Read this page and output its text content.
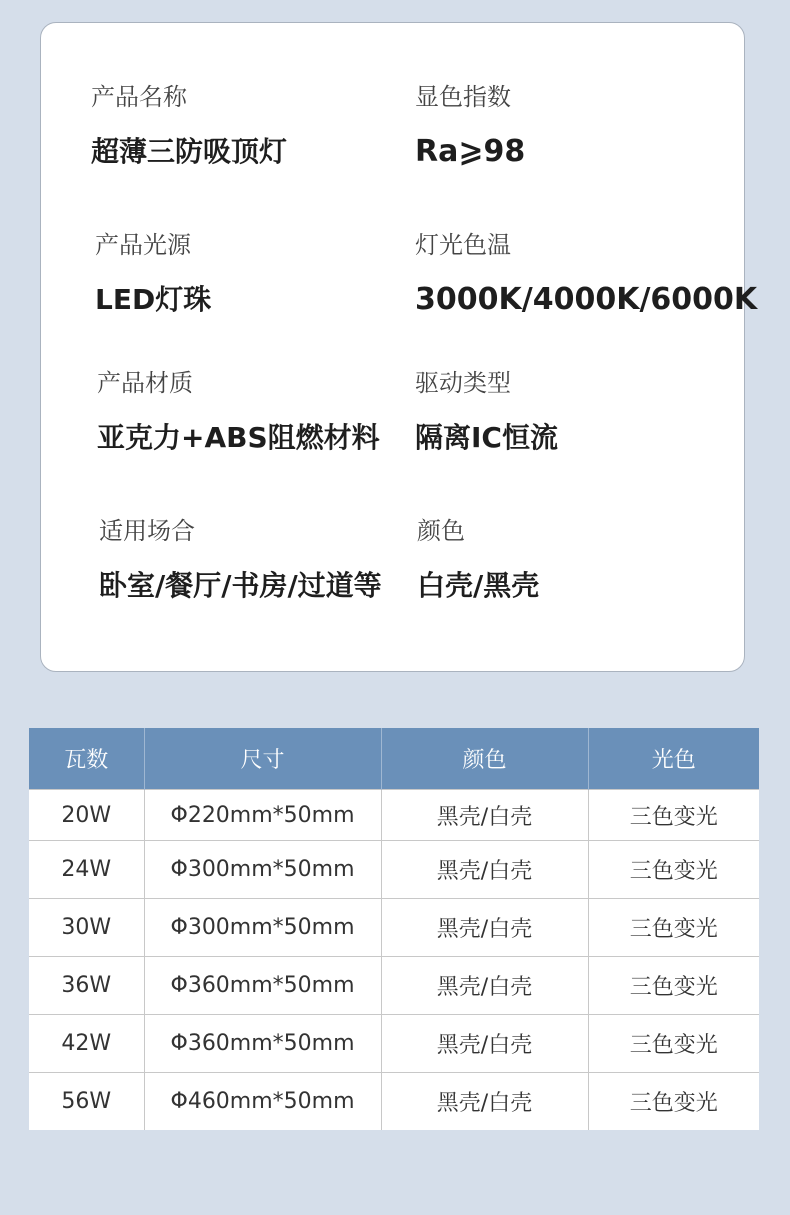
产品名称
超薄三防吸顶灯
显色指数
Ra⩾98
产品光源
LED灯珠
灯光色温
3000K/4000K/6000K
产品材质
亚克力+ABS阻燃材料
驱动类型
隔离IC恒流
适用场合
卧室/餐厅/书房/过道等
颜色
白壳/黑壳
瓦数	尺寸	颜色	光色
20W	Φ220mm*50mm	黑壳/白壳	三色变光
24W	Φ300mm*50mm	黑壳/白壳	三色变光
30W	Φ300mm*50mm	黑壳/白壳	三色变光
36W	Φ360mm*50mm	黑壳/白壳	三色变光
42W	Φ360mm*50mm	黑壳/白壳	三色变光
56W	Φ460mm*50mm	黑壳/白壳	三色变光
